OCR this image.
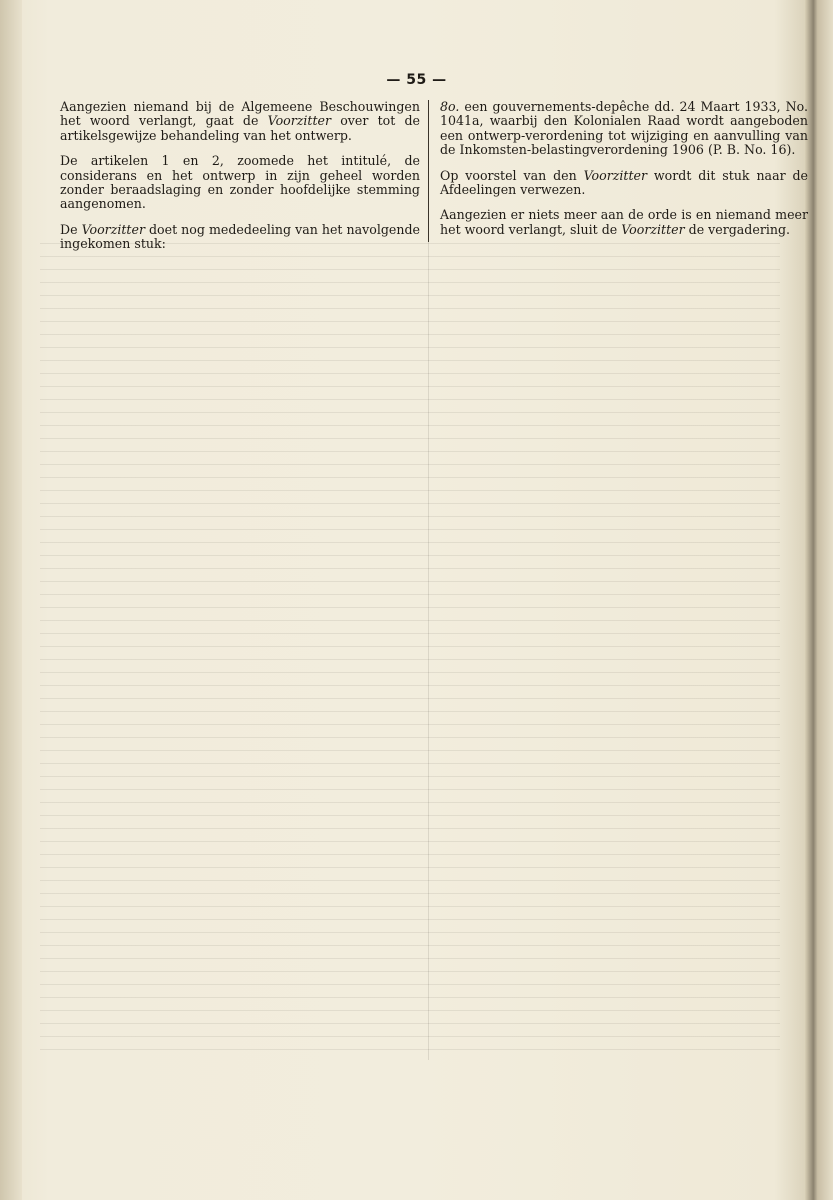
— 55 —

Aangezien niemand bij de Algemeene Beschouwingen het woord verlangt, gaat de Voorzitter over tot de artikelsgewijze behandeling van het ontwerp.

De artikelen 1 en 2, zoomede het intitulé, de considerans en het ontwerp in zijn geheel worden zonder beraadslaging en zonder hoofdelijke stemming aangenomen.

De Voorzitter doet nog mededeeling van het navolgende ingekomen stuk:

8o. een gouvernements-depêche dd. 24 Maart 1933, No. 1041a, waarbij den Kolonialen Raad wordt aangeboden een ontwerp-verordening tot wijziging en aanvulling van de Inkomsten-belastingverordening 1906 (P. B. No. 16).

Op voorstel van den Voorzitter wordt dit stuk naar de Afdeelingen verwezen.

Aangezien er niets meer aan de orde is en niemand meer het woord verlangt, sluit de Voorzitter de vergadering.
